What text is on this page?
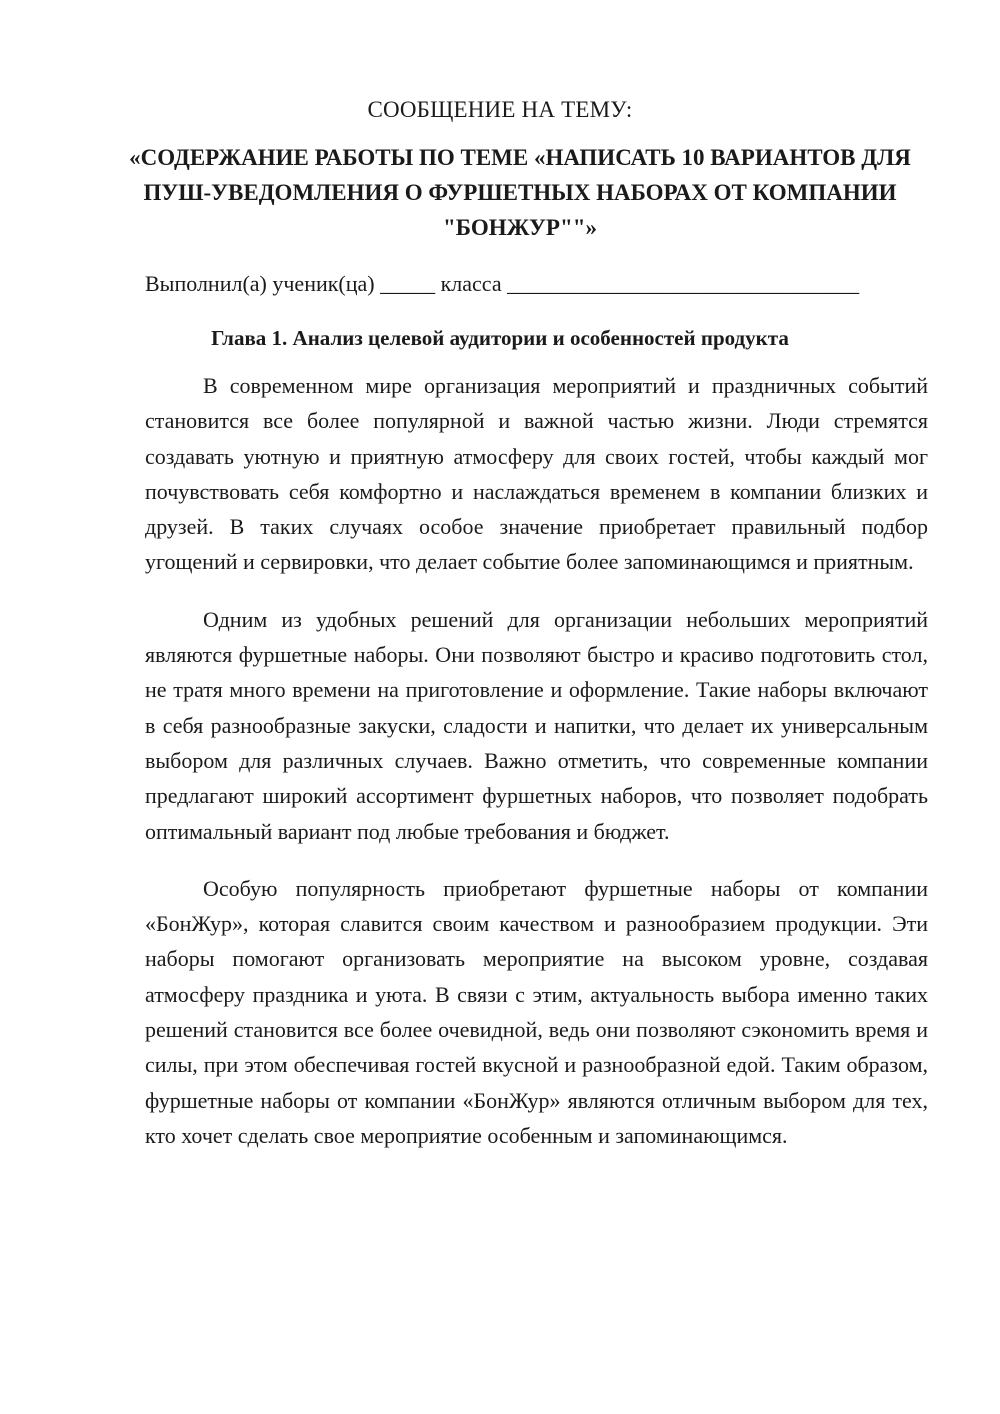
СООБЩЕНИЕ НА ТЕМУ:
«СОДЕРЖАНИЕ РАБОТЫ ПО ТЕМЕ «НАПИСАТЬ 10 ВАРИАНТОВ ДЛЯ ПУШ-УВЕДОМЛЕНИЯ О ФУРШЕТНЫХ НАБОРАХ ОТ КОМПАНИИ "БОНЖУР""»
Выполнил(а) ученик(ца) _____ класса ________________________________
Глава 1. Анализ целевой аудитории и особенностей продукта

В современном мире организация мероприятий и праздничных событий становится все более популярной и важной частью жизни. Люди стремятся создавать уютную и приятную атмосферу для своих гостей, чтобы каждый мог почувствовать себя комфортно и наслаждаться временем в компании близких и друзей. В таких случаях особое значение приобретает правильный подбор угощений и сервировки, что делает событие более запоминающимся и приятным.

Одним из удобных решений для организации небольших мероприятий являются фуршетные наборы. Они позволяют быстро и красиво подготовить стол, не тратя много времени на приготовление и оформление. Такие наборы включают в себя разнообразные закуски, сладости и напитки, что делает их универсальным выбором для различных случаев. Важно отметить, что современные компании предлагают широкий ассортимент фуршетных наборов, что позволяет подобрать оптимальный вариант под любые требования и бюджет.

Особую популярность приобретают фуршетные наборы от компании «БонЖур», которая славится своим качеством и разнообразием продукции. Эти наборы помогают организовать мероприятие на высоком уровне, создавая атмосферу праздника и уюта. В связи с этим, актуальность выбора именно таких решений становится все более очевидной, ведь они позволяют сэкономить время и силы, при этом обеспечивая гостей вкусной и разнообразной едой. Таким образом, фуршетные наборы от компании «БонЖур» являются отличным выбором для тех, кто хочет сделать свое мероприятие особенным и запоминающимся.
